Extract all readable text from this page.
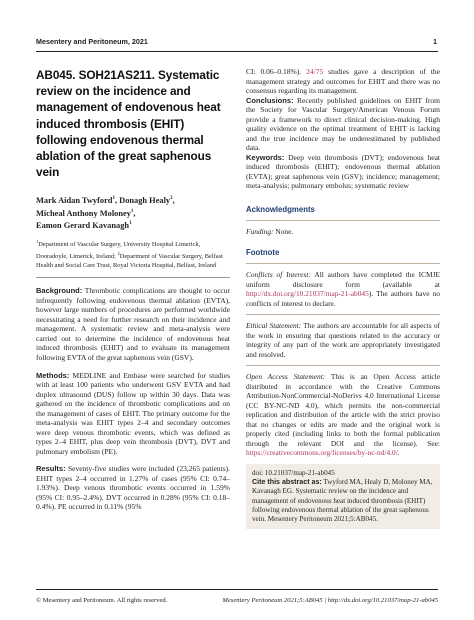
Mesentery and Peritoneum, 2021	1
AB045. SOH21AS211. Systematic review on the incidence and management of endovenous heat induced thrombosis (EHIT) following endovenous thermal ablation of the great saphenous vein
Mark Aidan Twyford$^1$, Donagh Healy$^2$,
Micheal Anthony Moloney$^1$,
Eamon Gerard Kavanagh$^1$
$^1$Department of Vascular Surgery, University Hospital Limerick, Dooradoyle, Limerick, Ireland; $^2$Department of Vascular Surgery, Belfast Health and Social Care Trust, Royal Victoria Hospital, Belfast, Ireland

Background: Thrombotic complications are thought to occur infrequently following endovenous thermal ablation (EVTA), however large numbers of procedures are performed worldwide necessitating a need for further research on their incidence and management. A systematic review and meta-analysis were carried out to determine the incidence of endovenous heat induced thrombosis (EHIT) and to evaluate its management following EVTA of the great saphenous vein (GSV).

Methods: MEDLINE and Embase were searched for studies with at least 100 patients who underwent GSV EVTA and had duplex ultrasound (DUS) follow up within 30 days. Data was gathered on the incidence of thrombotic complications and on the management of cases of EHIT. The primary outcome for the meta-analysis was EHIT types 2–4 and secondary outcomes were deep venous thrombotic events, which was defined as types 2–4 EHIT, plus deep vein thrombosis (DVT), DVT and pulmonary embolism (PE).

Results: Seventy-five studies were included (23,265 patients). EHIT types 2–4 occurred in 1.27% of cases (95% CI: 0.74–1.93%). Deep venous thrombotic events occurred in 1.59% (95% CI: 0.95–2.4%). DVT occurred in 0.28% (95% CI: 0.18–0.4%). PE occurred in 0.11% (95%

CI: 0.06–0.18%). 24/75 studies gave a description of the management strategy and outcomes for EHIT and there was no consensus regarding its management.

Conclusions: Recently published guidelines on EHIT from the Society for Vascular Surgery/American Venous Forum provide a framework to direct clinical decision-making. High quality evidence on the optimal treatment of EHIT is lacking and the true incidence may be underestimated by published data.

Keywords: Deep vein thrombosis (DVT); endovenous heat induced thrombosis (EHIT); endovenous thermal ablation (EVTA); great saphenous vein (GSV); incidence; management; meta-analysis; pulmonary embolus; systematic review

Acknowledgments

Funding: None.

Footnote

Conflicts of Interest: All authors have completed the ICMJE uniform disclosure form (available at http://dx.doi.org/10.21037/map-21-ab045). The authors have no conflicts of interest to declare.

Ethical Statement: The authors are accountable for all aspects of the work in ensuring that questions related to the accuracy or integrity of any part of the work are appropriately investigated and resolved.

Open Access Statement: This is an Open Access article distributed in accordance with the Creative Commons Attribution-NonCommercial-NoDerivs 4.0 International License (CC BY-NC-ND 4.0), which permits the non-commercial replication and distribution of the article with the strict proviso that no changes or edits are made and the original work is properly cited (including links to both the formal publication through the relevant DOI and the license). See: https://creativecommons.org/licenses/by-nc-nd/4.0/.

doi: 10.21037/map-21-ab045
Cite this abstract as: Twyford MA, Healy D, Moloney MA, Kavanagh EG. Systematic review on the incidence and management of endovenous heat induced thrombosis (EHIT) following endovenous thermal ablation of the great saphenous vein. Mesentery Peritoneum 2021;5:AB045.
© Mesentery and Peritoneum. All rights reserved.	Mesentery Peritoneum 2021;5:AB045 | http://dx.doi.org/10.21037/map-21-ab045
